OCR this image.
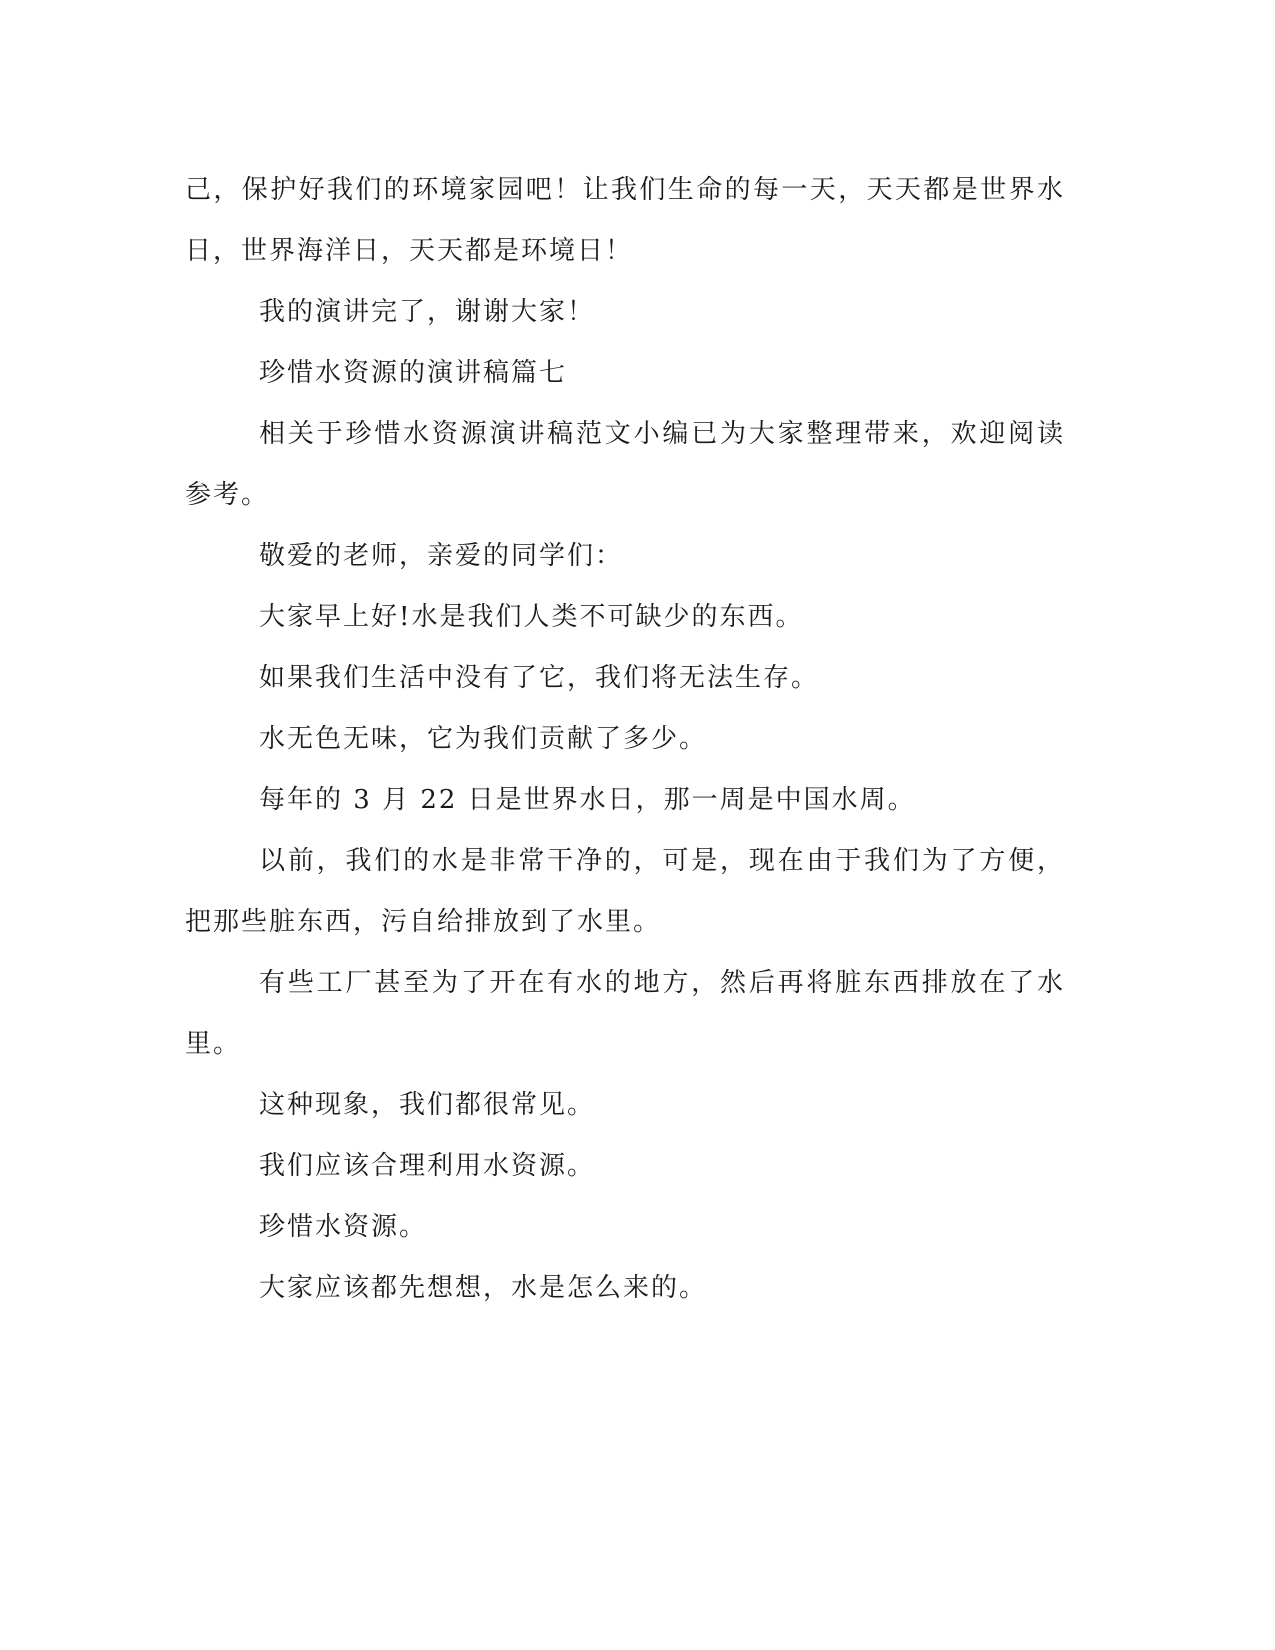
己，保护好我们的环境家园吧！让我们生命的每一天，天天都是世界水日，世界海洋日，天天都是环境日！

我的演讲完了，谢谢大家！

珍惜水资源的演讲稿篇七

相关于珍惜水资源演讲稿范文小编已为大家整理带来，欢迎阅读参考。

敬爱的老师，亲爱的同学们：

大家早上好!水是我们人类不可缺少的东西。

如果我们生活中没有了它，我们将无法生存。

水无色无味，它为我们贡献了多少。

每年的 3 月 22 日是世界水日，那一周是中国水周。

以前，我们的水是非常干净的，可是，现在由于我们为了方便，把那些脏东西，污自给排放到了水里。

有些工厂甚至为了开在有水的地方，然后再将脏东西排放在了水里。

这种现象，我们都很常见。

我们应该合理利用水资源。

珍惜水资源。

大家应该都先想想，水是怎么来的。
